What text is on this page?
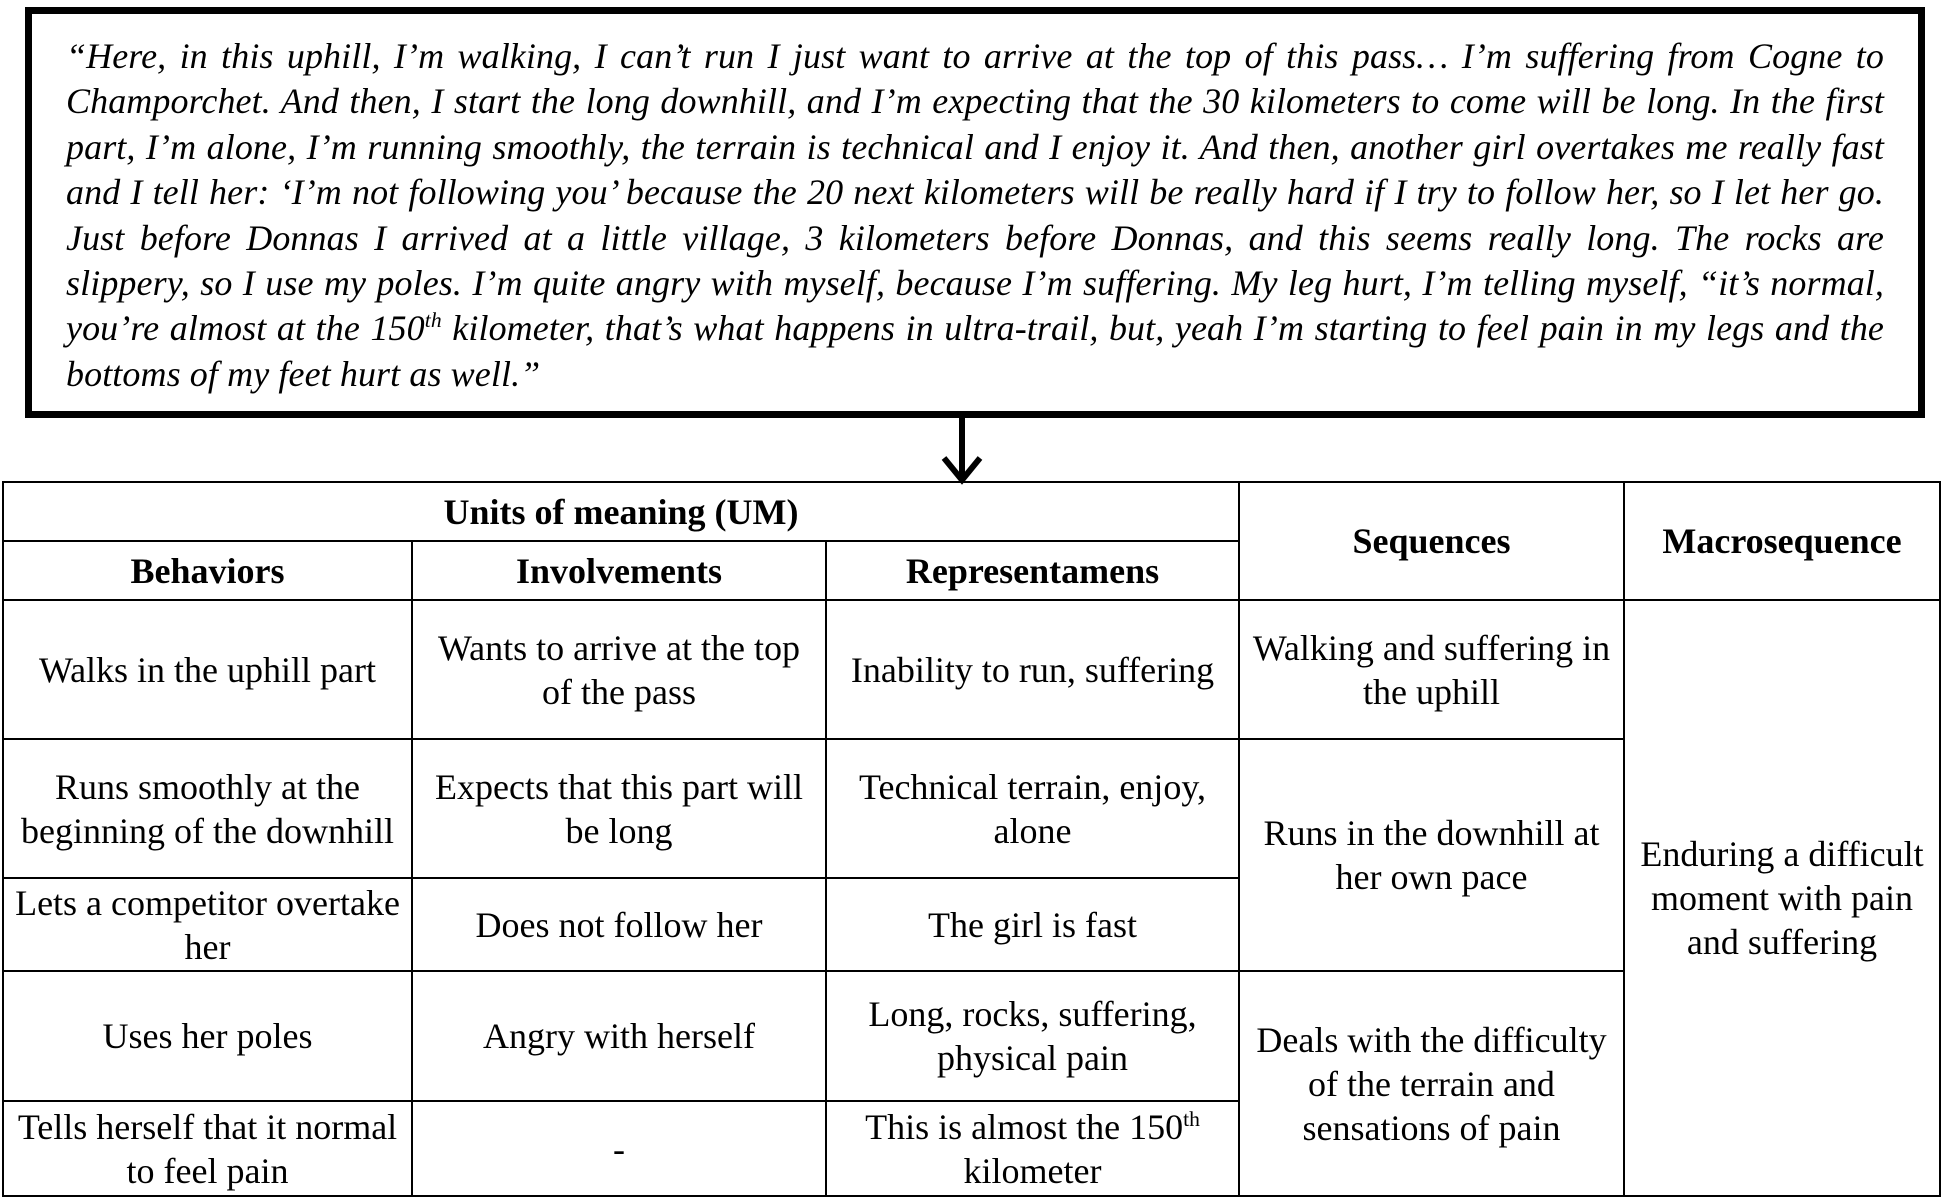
“Here, in this uphill, I’m walking, I can’t run I just want to arrive at the top of this pass… I’m suffering from Cogne to Champorchet. And then, I start the long downhill, and I’m expecting that the 30 kilometers to come will be long. In the first part, I’m alone, I’m running smoothly, the terrain is technical and I enjoy it. And then, another girl overtakes me really fast and I tell her: ‘I’m not following you’ because the 20 next kilometers will be really hard if I try to follow her, so I let her go. Just before Donnas I arrived at a little village, 3 kilometers before Donnas, and this seems really long. The rocks are slippery, so I use my poles. I’m quite angry with myself, because I’m suffering. My leg hurt, I’m telling myself, “it’s normal, you’re almost at the 150th kilometer, that’s what happens in ultra-trail, but, yeah I’m starting to feel pain in my legs and the bottoms of my feet hurt as well.”
Units of meaning (UM)			Sequences	Macrosequence
Behaviors	Involvements	Representamens		
Walks in the uphill part	Wants to arrive at the top of the pass	Inability to run, suffering	Walking and suffering in the uphill	Enduring a difficult moment with pain and suffering
Runs smoothly at the beginning of the downhill	Expects that this part will be long	Technical terrain, enjoy, alone	Runs in the downhill at her own pace	
Lets a competitor overtake her	Does not follow her	The girl is fast		
Uses her poles	Angry with herself	Long, rocks, suffering, physical pain	Deals with the difficulty of the terrain and sensations of pain	
Tells herself that it normal to feel pain	-	This is almost the 150th kilometer		
